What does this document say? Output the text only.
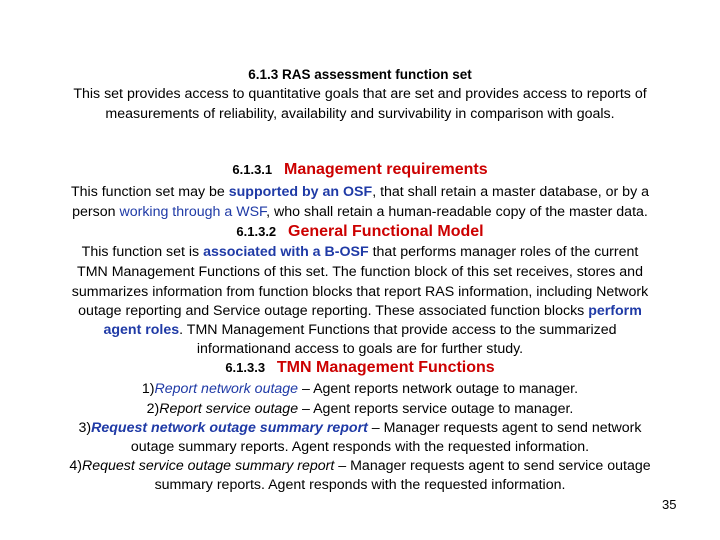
6.1.3 RAS assessment function set
This set provides access to quantitative goals that are set and provides access to reports of
measurements of reliability, availability and survivability in comparison with goals.
6.1.3.1 Management requirements
This function set may be supported by an OSF, that shall retain a master database, or by a
person working through a WSF, who shall retain a human-readable copy of the master data.
6.1.3.2 General Functional Model
This function set is associated with a B-OSF that performs manager roles of the current
TMN Management Functions of this set. The function block of this set receives, stores and
summarizes information from function blocks that report RAS information, including Network
outage reporting and Service outage reporting. These associated function blocks perform
agent roles. TMN Management Functions that provide access to the summarized
informationand access to goals are for further study.
6.1.3.3 TMN Management Functions
1)Report network outage – Agent reports network outage to manager.
2)Report service outage – Agent reports service outage to manager.
3)Request network outage summary report – Manager requests agent to send network
outage summary reports. Agent responds with the requested information.
4)Request service outage summary report – Manager requests agent to send service outage
summary reports. Agent responds with the requested information.
35
